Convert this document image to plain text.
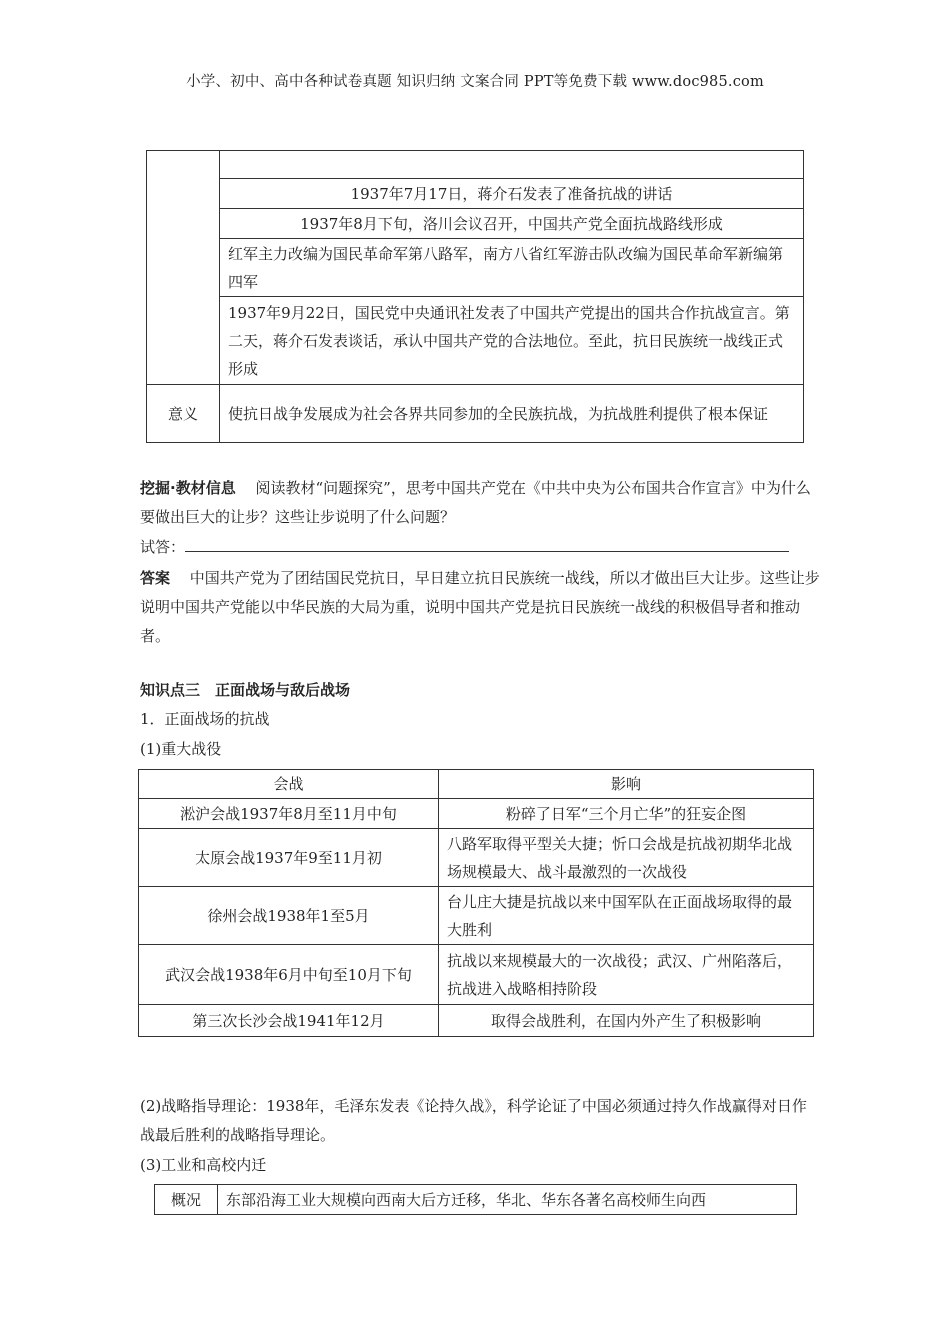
小学、初中、高中各种试卷真题 知识归纳 文案合同 PPT等免费下载 www.doc985.com

	1937年7月17日，蒋介石发表了准备抗战的讲话
	1937年8月下旬，洛川会议召开，中国共产党全面抗战路线形成
	红军主力改编为国民革命军第八路军，南方八省红军游击队改编为国民革命军新编第四军
	1937年9月22日，国民党中央通讯社发表了中国共产党提出的国共合作抗战宣言。第二天，蒋介石发表谈话，承认中国共产党的合法地位。至此，抗日民族统一战线正式形成
意义	使抗日战争发展成为社会各界共同参加的全民族抗战，为抗战胜利提供了根本保证
挖掘·教材信息　 阅读教材“问题探究”，思考中国共产党在《中共中央为公布国共合作宣言》中为什么要做出巨大的让步？这些让步说明了什么问题？
试答：
答案　 中国共产党为了团结国民党抗日，早日建立抗日民族统一战线，所以才做出巨大让步。这些让步说明中国共产党能以中华民族的大局为重，说明中国共产党是抗日民族统一战线的积极倡导者和推动者。
知识点三　正面战场与敌后战场
1．正面战场的抗战
(1)重大战役
会战	影响
淞沪会战1937年8月至11月中旬	粉碎了日军“三个月亡华”的狂妄企图
太原会战1937年9至11月初	八路军取得平型关大捷；忻口会战是抗战初期华北战场规模最大、战斗最激烈的一次战役
徐州会战1938年1至5月	台儿庄大捷是抗战以来中国军队在正面战场取得的最大胜利
武汉会战1938年6月中旬至10月下旬	抗战以来规模最大的一次战役；武汉、广州陷落后，抗战进入战略相持阶段
第三次长沙会战1941年12月	取得会战胜利，在国内外产生了积极影响
(2)战略指导理论：1938年，毛泽东发表《论持久战》，科学论证了中国必须通过持久作战赢得对日作战最后胜利的战略指导理论。
(3)工业和高校内迁
概况	东部沿海工业大规模向西南大后方迁移，华北、华东各著名高校师生向西
